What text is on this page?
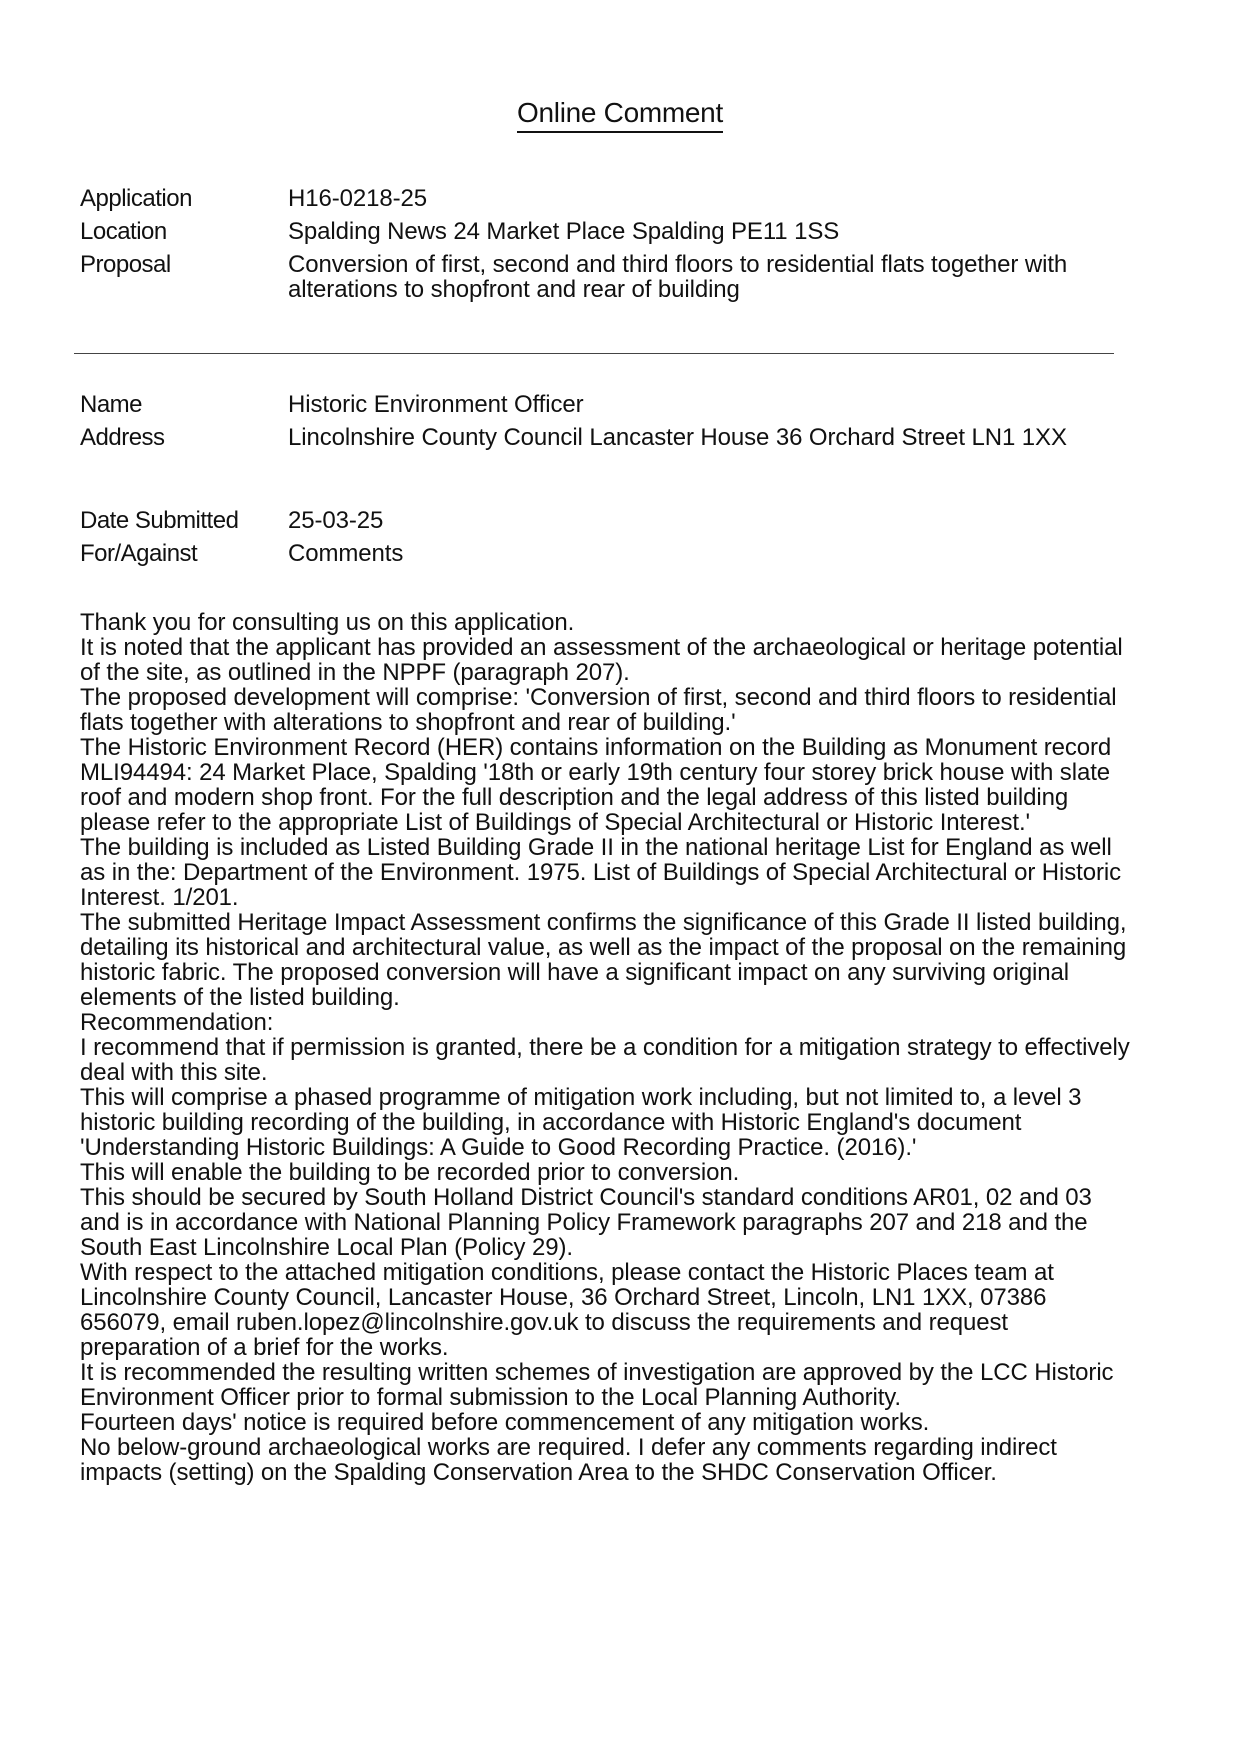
Online Comment
Application	H16-0218-25
Location	Spalding News 24 Market Place Spalding PE11 1SS
Proposal	Conversion of first, second and third floors to residential flats together with alterations to shopfront and rear of building
Name	Historic Environment Officer
Address	Lincolnshire County Council Lancaster House 36 Orchard Street LN1 1XX
Date Submitted	25-03-25
For/Against	Comments

Thank you for consulting us on this application.

It is noted that the applicant has provided an assessment of the archaeological or heritage potential of the site, as outlined in the NPPF (paragraph 207).

The proposed development will comprise: 'Conversion of first, second and third floors to residential flats together with alterations to shopfront and rear of building.'

The Historic Environment Record (HER) contains information on the Building as Monument record MLI94494: 24 Market Place, Spalding '18th or early 19th century four storey brick house with slate roof and modern shop front. For the full description and the legal address of this listed building please refer to the appropriate List of Buildings of Special Architectural or Historic Interest.'

The building is included as Listed Building Grade II in the national heritage List for England as well as in the: Department of the Environment. 1975. List of Buildings of Special Architectural or Historic Interest. 1/201.

The submitted Heritage Impact Assessment confirms the significance of this Grade II listed building, detailing its historical and architectural value, as well as the impact of the proposal on the remaining historic fabric. The proposed conversion will have a significant impact on any surviving original elements of the listed building.

Recommendation:

I recommend that if permission is granted, there be a condition for a mitigation strategy to effectively deal with this site.

This will comprise a phased programme of mitigation work including, but not limited to, a level 3 historic building recording of the building, in accordance with Historic England's document 'Understanding Historic Buildings: A Guide to Good Recording Practice. (2016).'

This will enable the building to be recorded prior to conversion.

This should be secured by South Holland District Council's standard conditions AR01, 02 and 03 and is in accordance with National Planning Policy Framework paragraphs 207 and 218 and the South East Lincolnshire Local Plan (Policy 29).

With respect to the attached mitigation conditions, please contact the Historic Places team at Lincolnshire County Council, Lancaster House, 36 Orchard Street, Lincoln, LN1 1XX, 07386 656079, email ruben.lopez@lincolnshire.gov.uk to discuss the requirements and request preparation of a brief for the works.

It is recommended the resulting written schemes of investigation are approved by the LCC Historic Environment Officer prior to formal submission to the Local Planning Authority.

Fourteen days' notice is required before commencement of any mitigation works.

No below-ground archaeological works are required. I defer any comments regarding indirect impacts (setting) on the Spalding Conservation Area to the SHDC Conservation Officer.
